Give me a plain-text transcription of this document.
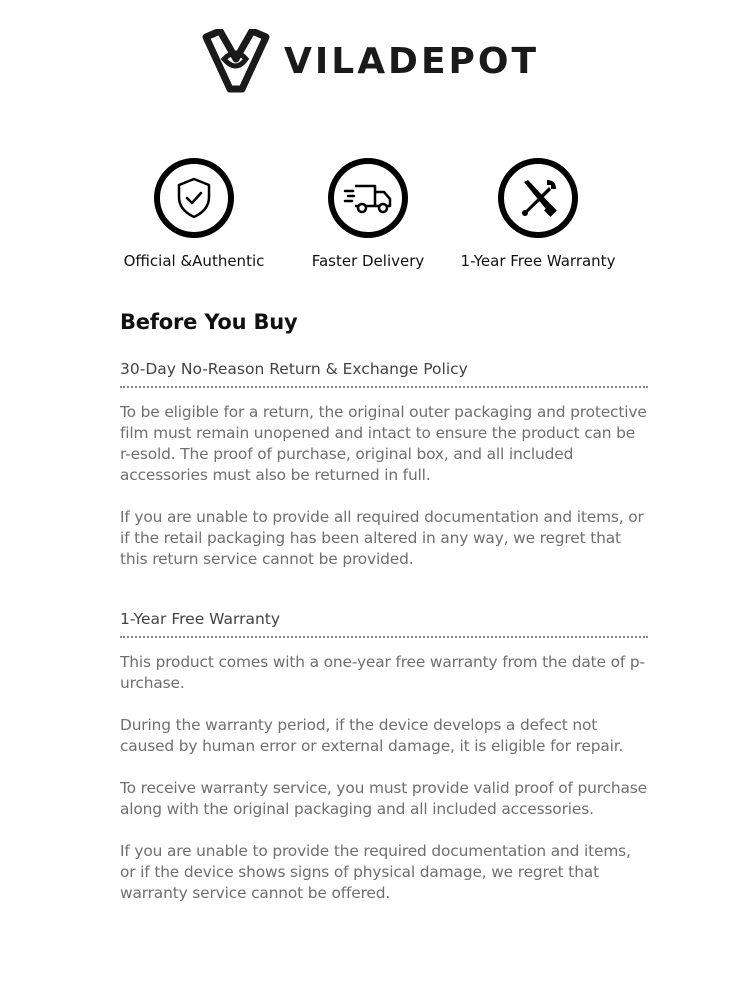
VILADEPOT
Official &Authentic	Faster Delivery	1-Year Free Warranty
Before You Buy
30-Day No-Reason Return & Exchange Policy

To be eligible for a return, the original outer packaging and protective film must remain unopened and intact to ensure the product can be r-esold. The proof of purchase, original box, and all included accessories must also be returned in full.

If you are unable to provide all required documentation and items, or if the retail packaging has been altered in any way, we regret that this return service cannot be provided.

1-Year Free Warranty

This product comes with a one-year free warranty from the date of p-urchase.

During the warranty period, if the device develops a defect not caused by human error or external damage, it is eligible for repair.

To receive warranty service, you must provide valid proof of purchase along with the original packaging and all included accessories.

If you are unable to provide the required documentation and items, or if the device shows signs of physical damage, we regret that warranty service cannot be offered.
